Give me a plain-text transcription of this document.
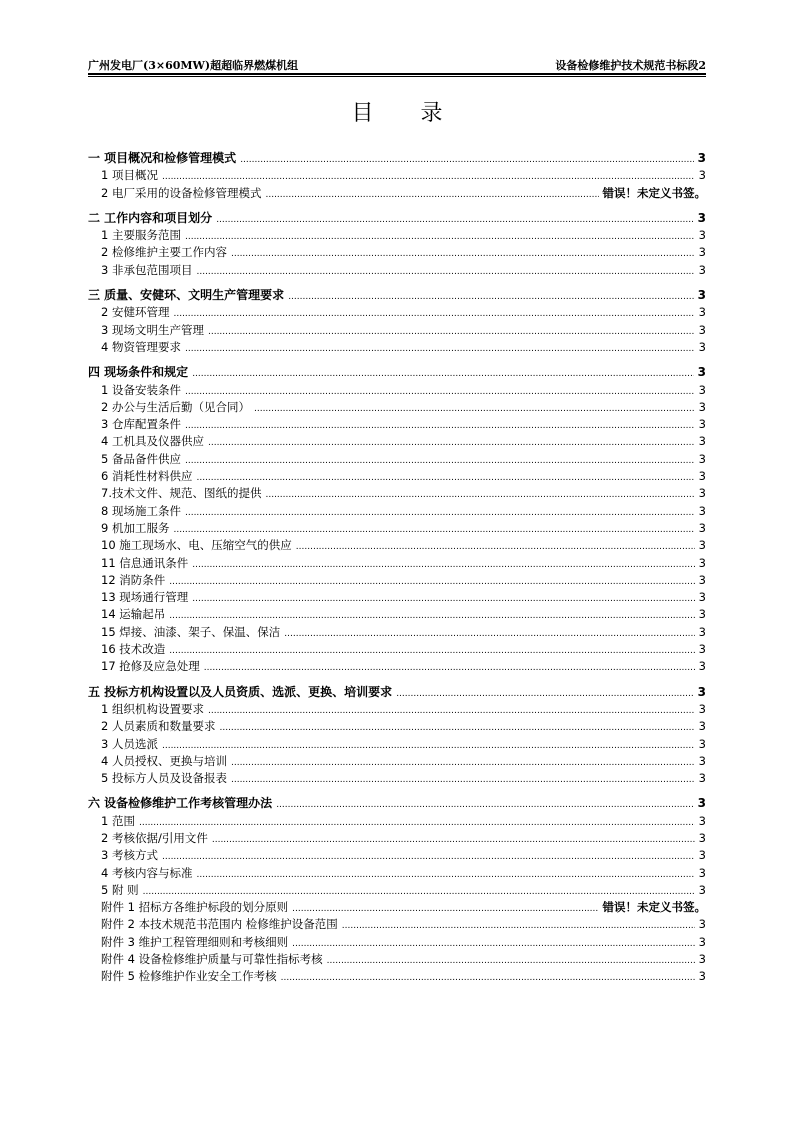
广州发电厂(3×60MW)超超临界燃煤机组	设备检修维护技术规范书标段2
目 录
一 项目概况和检修管理模式 .....	3
1 项目概况 .....	3
2 电厂采用的设备检修管理模式 .....	错误！未定义书签。
二 工作内容和项目划分 .....	3
1 主要服务范围 .....	3
2 检修维护主要工作内容 .....	3
3 非承包范围项目 .....	3
三 质量、安健环、文明生产管理要求 .....	3
2 安健环管理 .....	3
3 现场文明生产管理 .....	3
4 物资管理要求 .....	3
四 现场条件和规定 .....	3
1 设备安装条件 .....	3
2 办公与生活后勤（见合同） .....	3
3 仓库配置条件 .....	3
4 工机具及仪器供应 .....	3
5 备品备件供应 .....	3
6 消耗性材料供应 .....	3
7.技术文件、规范、图纸的提供 .....	3
8 现场施工条件 .....	3
9 机加工服务 .....	3
10 施工现场水、电、压缩空气的供应 .....	3
11 信息通讯条件 .....	3
12 消防条件 .....	3
13 现场通行管理 .....	3
14 运输起吊 .....	3
15 焊接、油漆、架子、保温、保洁 .....	3
16 技术改造 .....	3
17 抢修及应急处理 .....	3
五 投标方机构设置以及人员资质、选派、更换、培训要求 .....	3
1 组织机构设置要求 .....	3
2 人员素质和数量要求 .....	3
3 人员选派 .....	3
4 人员授权、更换与培训 .....	3
5 投标方人员及设备报表 .....	3
六 设备检修维护工作考核管理办法 .....	3
1 范围 .....	3
2 考核依据/引用文件 .....	3
3 考核方式 .....	3
4 考核内容与标准 .....	3
5 附 则 .....	3
附件 1 招标方各维护标段的划分原则 .....	错误！未定义书签。
附件 2 本技术规范书范围内 检修维护设备范围 .....	3
附件 3 维护工程管理细则和考核细则 .....	3
附件 4 设备检修维护质量与可靠性指标考核 .....	3
附件 5 检修维护作业安全工作考核 .....	3
